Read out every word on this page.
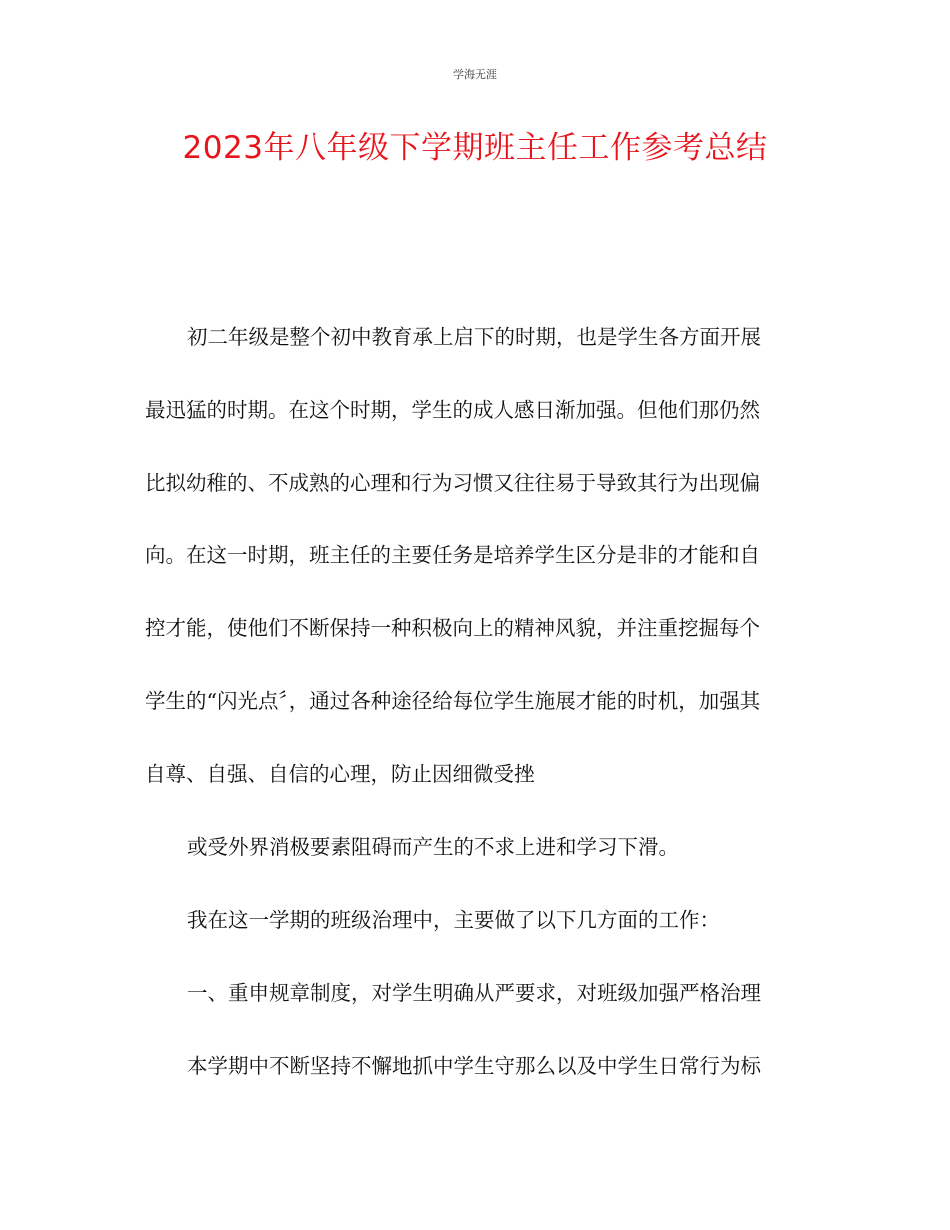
学海无涯
2023年八年级下学期班主任工作参考总结
初二年级是整个初中教育承上启下的时期，也是学生各方面开展
最迅猛的时期。在这个时期，学生的成人感日渐加强。但他们那仍然
比拟幼稚的、不成熟的心理和行为习惯又往往易于导致其行为出现偏
向。在这一时期，班主任的主要任务是培养学生区分是非的才能和自
控才能，使他们不断保持一种积极向上的精神风貌，并注重挖掘每个
学生的“闪光点〞，通过各种途径给每位学生施展才能的时机，加强其
自尊、自强、自信的心理，防止因细微受挫
或受外界消极要素阻碍而产生的不求上进和学习下滑。
我在这一学期的班级治理中，主要做了以下几方面的工作：
一、重申规章制度，对学生明确从严要求，对班级加强严格治理
本学期中不断坚持不懈地抓中学生守那么以及中学生日常行为标
